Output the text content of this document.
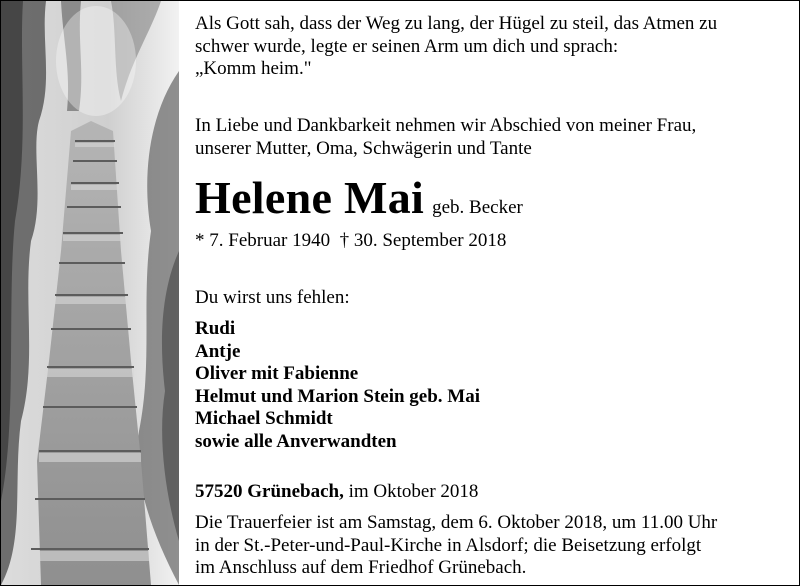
Als Gott sah, dass der Weg zu lang, der Hügel zu steil, das Atmen zu
schwer wurde, legte er seinen Arm um dich und sprach:
„Komm heim."
In Liebe und Dankbarkeit nehmen wir Abschied von meiner Frau,
unserer Mutter, Oma, Schwägerin und Tante
Helene Mai geb. Becker
* 7. Februar 1940  † 30. September 2018
Du wirst uns fehlen:
Rudi
Antje
Oliver mit Fabienne
Helmut und Marion Stein geb. Mai
Michael Schmidt
sowie alle Anverwandten
57520 Grünebach, im Oktober 2018
Die Trauerfeier ist am Samstag, dem 6. Oktober 2018, um 11.00 Uhr
in der St.-Peter-und-Paul-Kirche in Alsdorf; die Beisetzung erfolgt
im Anschluss auf dem Friedhof Grünebach.
